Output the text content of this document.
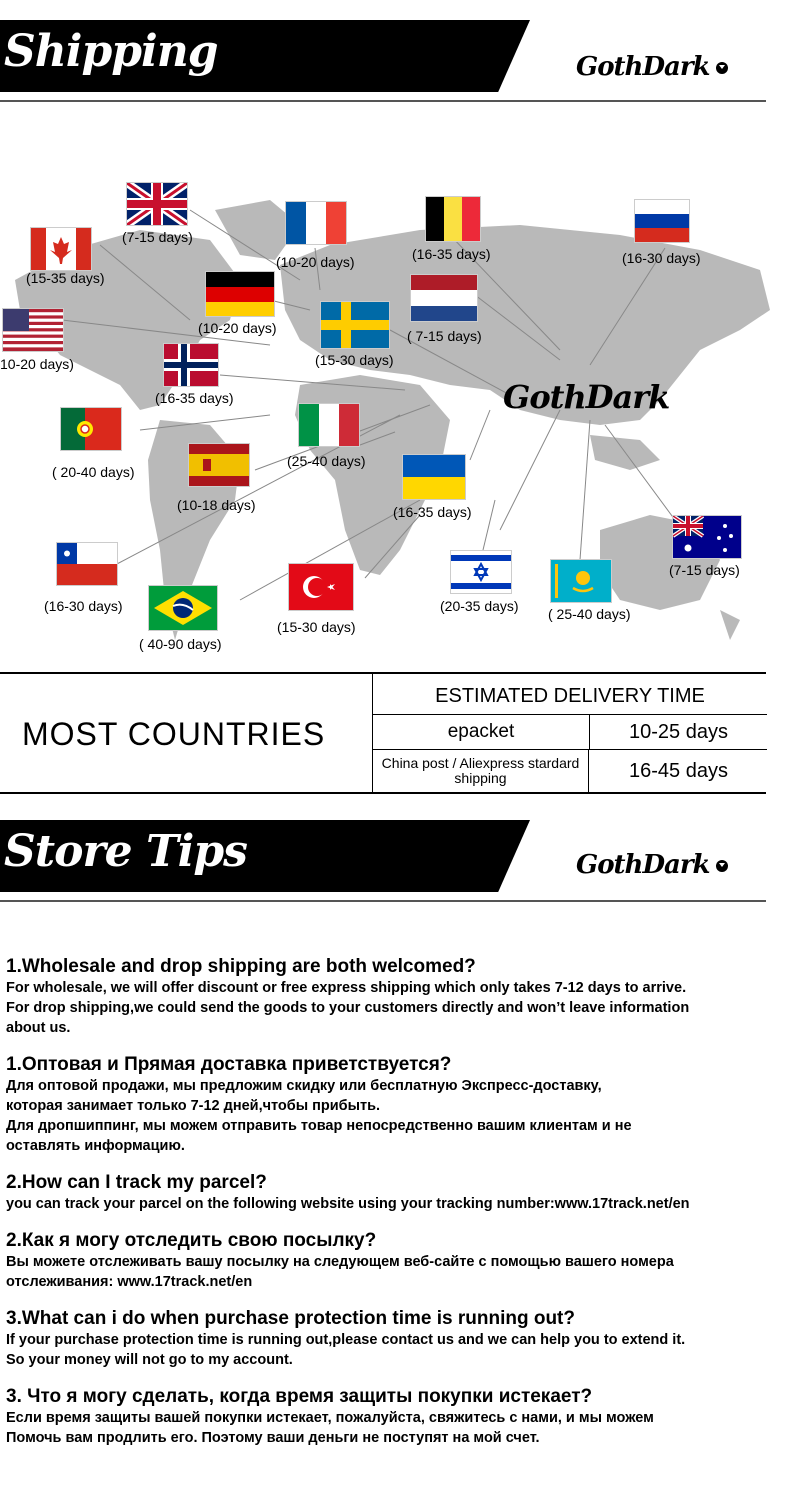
Shipping	GothDark
(7-15 days)
(15-35 days)
10-20 days)
(10-20 days)
(10-20 days)
(16-35 days)
( 7-15 days)
(15-30 days)
(16-30 days)
(16-35 days)
( 20-40 days)
(25-40 days)
(10-18 days)	(16-35 days)
(16-30 days)
( 40-90 days)
(15-30 days)
(20-35 days) ( 25-40 days)
(7-15 days)
GothDark
MOST COUNTRIES
ESTIMATED DELIVERY TIME
epacket	10-25 days
China post / Aliexpress stardard
shipping	16-45 days
Store Tips	GothDark
1.Wholesale and drop shipping are both welcomed?

For wholesale, we will offer discount or free express shipping which only takes 7-12 days to arrive.
For drop shipping,we could send the goods to your customers directly and won’t leave information
about us.

1.Оптовая и Прямая доставка приветствуется?

Для оптовой продажи, мы предложим скидку или бесплатную Экспресс-доставку,
которая занимает только 7-12 дней,чтобы прибыть.
Для дропшиппинг, мы можем отправить товар непосредственно вашим клиентам и не
оставлять информацию.

2.How can I track my parcel?

you can track your parcel on the following website using your tracking number:www.17track.net/en

2.Как я могу отследить свою посылку?

Вы можете отслеживать вашу посылку на следующем веб-сайте с помощью вашего номера
отслеживания: www.17track.net/en

3.What can i do when purchase protection time is running out?

If your purchase protection time is running out,please contact us and we can help you to extend it.
So your money will not go to my account.

3. Что я могу сделать, когда время защиты покупки истекает?

Если время защиты вашей покупки истекает, пожалуйста, свяжитесь с нами, и мы можем
Помочь вам продлить его. Поэтому ваши деньги не поступят на мой счет.
